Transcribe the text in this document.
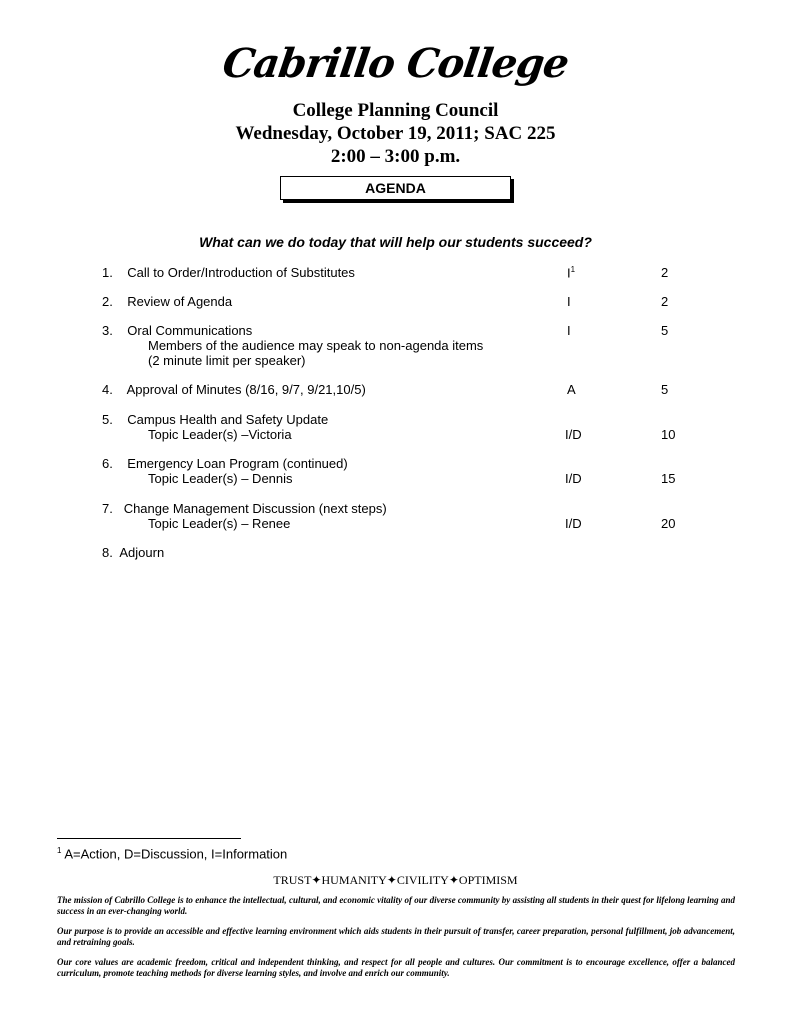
Cabrillo College
College Planning Council
Wednesday, October 19, 2011; SAC 225
2:00 – 3:00 p.m.
AGENDA
What can we do today that will help our students succeed?
1. Call to Order/Introduction of Substitutes	$I^1$	2
2. Review of Agenda	I	2
3. Oral Communications
Members of the audience may speak to non-agenda items
(2 minute limit per speaker)
I	5
4. Approval of Minutes (8/16, 9/7, 9/21,10/5)	A	5
5. Campus Health and Safety Update
Topic Leader(s) –Victoria	I/D	10
6. Emergency Loan Program (continued)
Topic Leader(s) – Dennis	I/D	15
7. Change Management Discussion (next steps)
Topic Leader(s) – Renee	I/D	20
8. Adjourn
$^1$ A=Action, D=Discussion, I=Information
TRUST✦HUMANITY✦CIVILITY✦OPTIMISM
The mission of Cabrillo College is to enhance the intellectual, cultural, and economic vitality of our diverse community by assisting all students in their quest for lifelong learning and success in an ever-changing world.
Our purpose is to provide an accessible and effective learning environment which aids students in their pursuit of transfer, career preparation, personal fulfillment, job advancement, and retraining goals.
Our core values are academic freedom, critical and independent thinking, and respect for all people and cultures. Our commitment is to encourage excellence, offer a balanced curriculum, promote teaching methods for diverse learning styles, and involve and enrich our community.
